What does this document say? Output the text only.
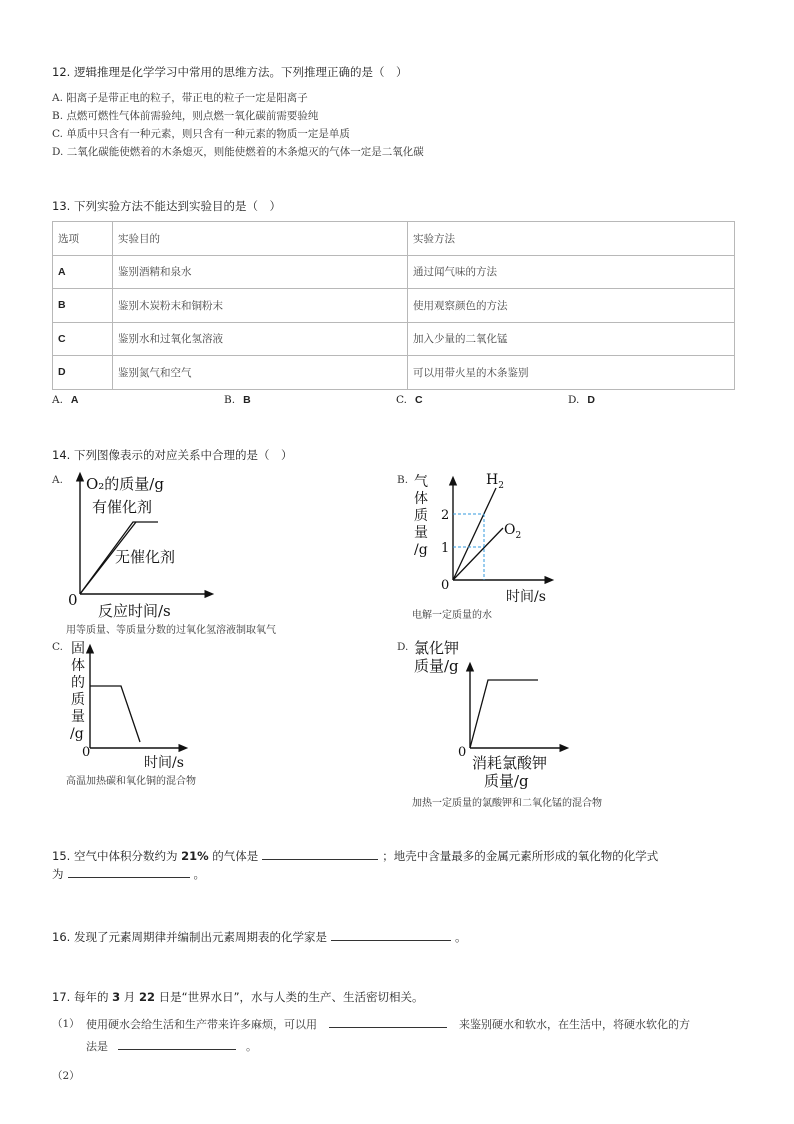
12. 逻辑推理是化学学习中常用的思维方法。下列推理正确的是（　）
A. 阳离子是带正电的粒子，带正电的粒子一定是阳离子
B. 点燃可燃性气体前需验纯，则点燃一氧化碳前需要验纯
C. 单质中只含有一种元素，则只含有一种元素的物质一定是单质
D. 二氧化碳能使燃着的木条熄灭，则能使燃着的木条熄灭的气体一定是二氧化碳
13. 下列实验方法不能达到实验目的是（　）
选项	实验目的	实验方法
A	鉴别酒精和泉水	通过闻气味的方法
B	鉴别木炭粉末和铜粉末	使用观察颜色的方法
C	鉴别水和过氧化氢溶液	加入少量的二氧化锰
D	鉴别氮气和空气	可以用带火星的木条鉴别
A. A	B. B	C. C	D. D
14. 下列图像表示的对应关系中合理的是（　）
A. O₂的质量/g
有催化剂
无催化剂
0
反应时间/s
用等质量、等质量分数的过氧化氢溶液制取氧气
B. 气
体
质
量
/g
2
1
0
$H_2$
$O_2$
时间/s
电解一定质量的水
C. 固
体
的
质
量
/g
0
时间/s
高温加热碳和氧化铜的混合物
D. 氯化钾
质量/g
0
消耗氯酸钾
质量/g
加热一定质量的氯酸钾和二氧化锰的混合物
15. 空气中体积分数约为 21% 的气体是	；地壳中含量最多的金属元素所形成的氧化物的化学式
为	。
16. 发现了元素周期律并编制出元素周期表的化学家是	。
17. 每年的 3 月 22 日是“世界水日”，水与人类的生产、生活密切相关。
（1） 使用硬水会给生活和生产带来许多麻烦，可以用	来鉴别硬水和软水，在生活中，将硬水软化的方
法是	。
（2）
